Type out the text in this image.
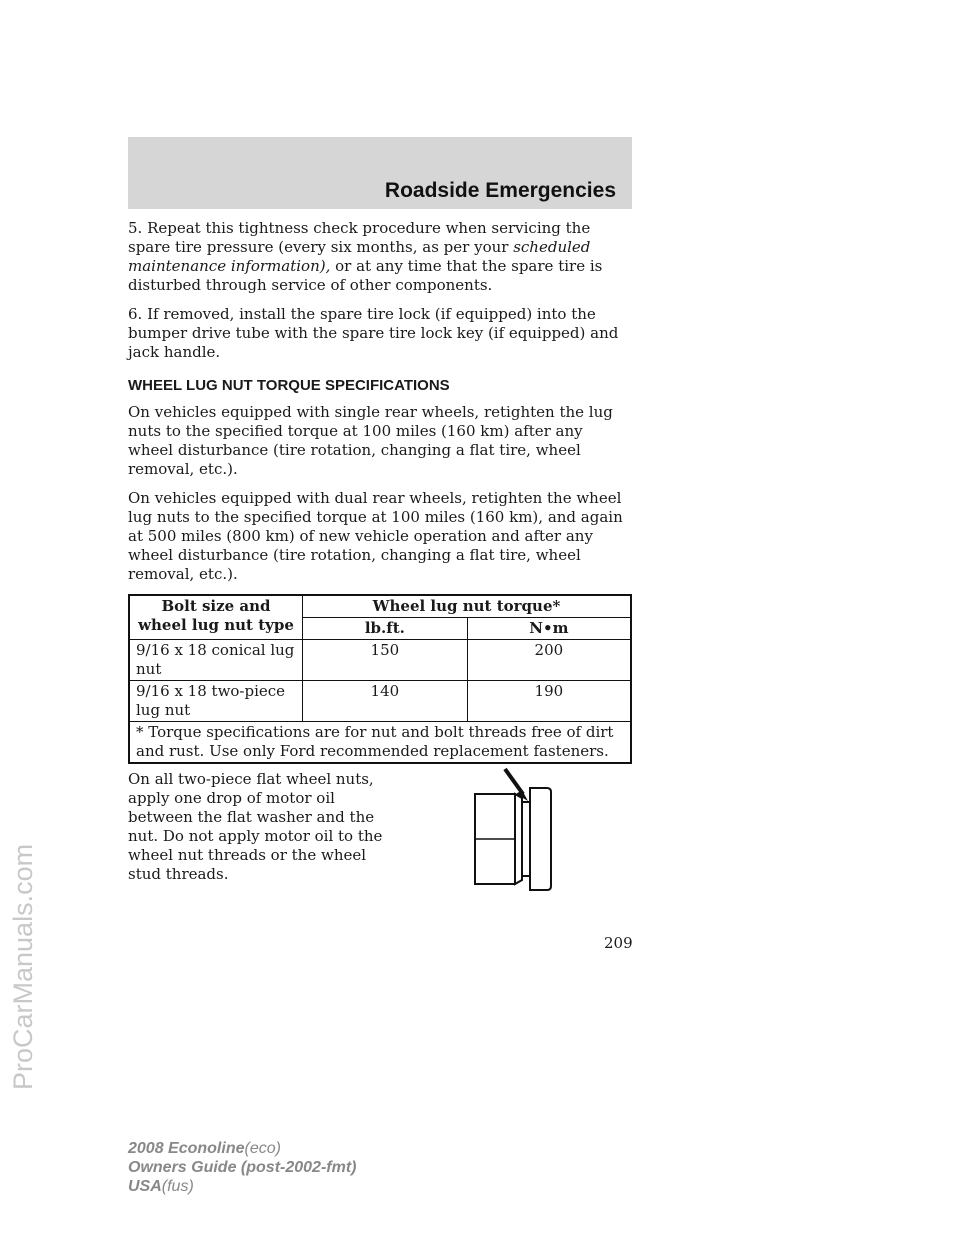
Roadside Emergencies

5. Repeat this tightness check procedure when servicing the spare tire pressure (every six months, as per your scheduled maintenance information), or at any time that the spare tire is disturbed through service of other components.

6. If removed, install the spare tire lock (if equipped) into the bumper drive tube with the spare tire lock key (if equipped) and jack handle.

WHEEL LUG NUT TORQUE SPECIFICATIONS

On vehicles equipped with single rear wheels, retighten the lug nuts to the specified torque at 100 miles (160 km) after any wheel disturbance (tire rotation, changing a flat tire, wheel removal, etc.).

On vehicles equipped with dual rear wheels, retighten the wheel lug nuts to the specified torque at 100 miles (160 km), and again at 500 miles (800 km) of new vehicle operation and after any wheel disturbance (tire rotation, changing a flat tire, wheel removal, etc.).

Bolt size and wheel lug nut type	Wheel lug nut torque*	
	lb.ft.	N•m
9/16 x 18 conical lug nut	150	200
9/16 x 18 two-piece lug nut	140	190
* Torque specifications are for nut and bolt threads free of dirt and rust. Use only Ford recommended replacement fasteners.		
On all two-piece flat wheel nuts, apply one drop of motor oil between the flat washer and the nut. Do not apply motor oil to the wheel nut threads or the wheel stud threads.
209
2008 Econoline(eco)
Owners Guide (post-2002-fmt)
USA(fus)
ProCarManuals.com
